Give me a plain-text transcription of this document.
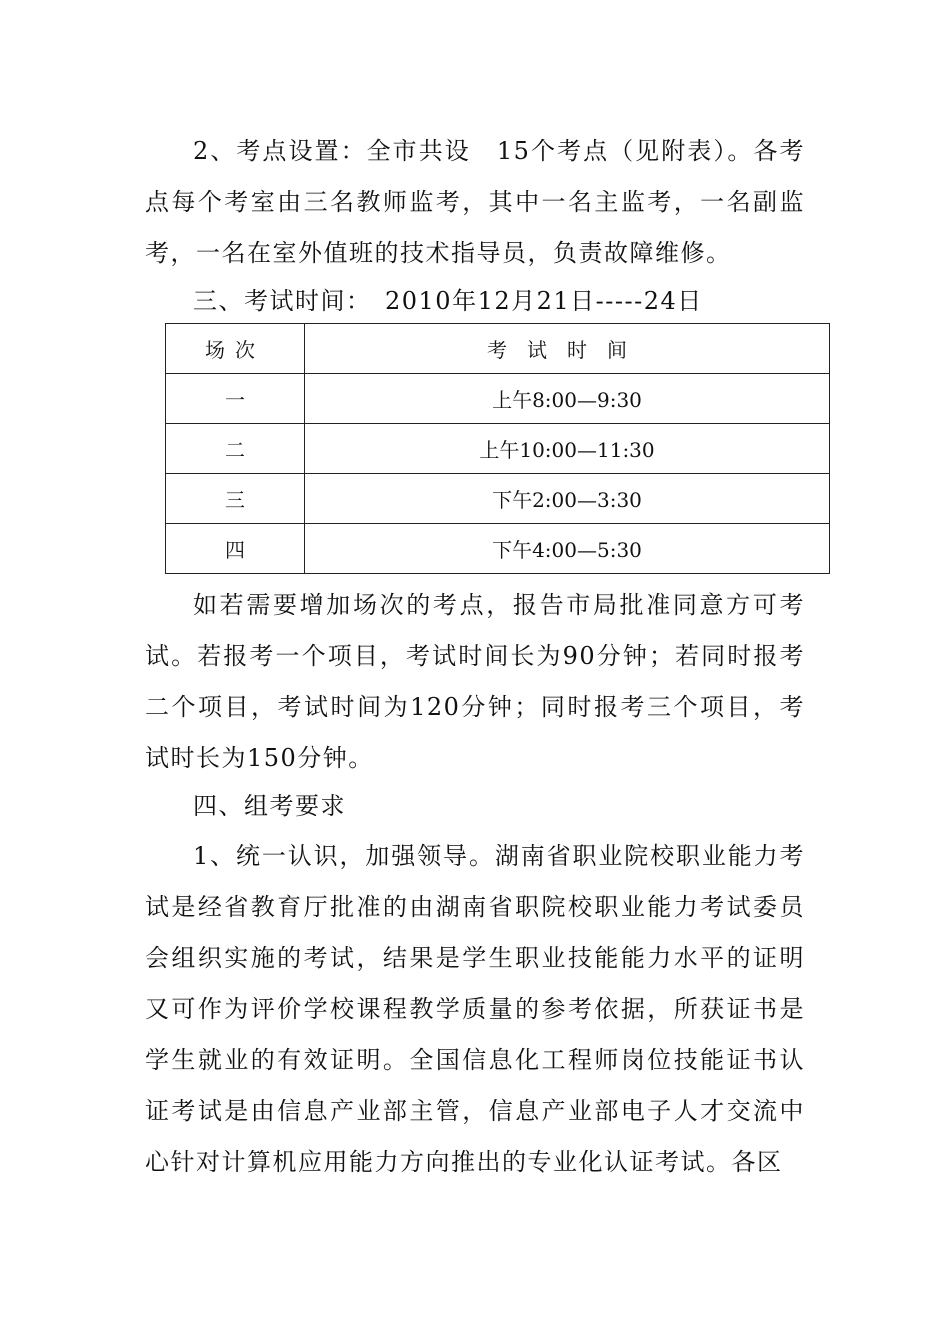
2、考点设置：全市共设　15个考点（见附表）。各考点每个考室由三名教师监考，其中一名主监考，一名副监考，一名在室外值班的技术指导员，负责故障维修。
三、考试时间：　2010年12月21日-----24日
场次	考试时间
一	上午8:00—9:30
二	上午10:00—11:30
三	下午2:00—3:30
四	下午4:00—5:30
如若需要增加场次的考点，报告市局批准同意方可考试。若报考一个项目，考试时间长为90分钟；若同时报考二个项目，考试时间为120分钟；同时报考三个项目，考试时长为150分钟。
四、组考要求
1、统一认识，加强领导。湖南省职业院校职业能力考试是经省教育厅批准的由湖南省职院校职业能力考试委员会组织实施的考试，结果是学生职业技能能力水平的证明又可作为评价学校课程教学质量的参考依据，所获证书是学生就业的有效证明。全国信息化工程师岗位技能证书认证考试是由信息产业部主管，信息产业部电子人才交流中心针对计算机应用能力方向推出的专业化认证考试。各区
